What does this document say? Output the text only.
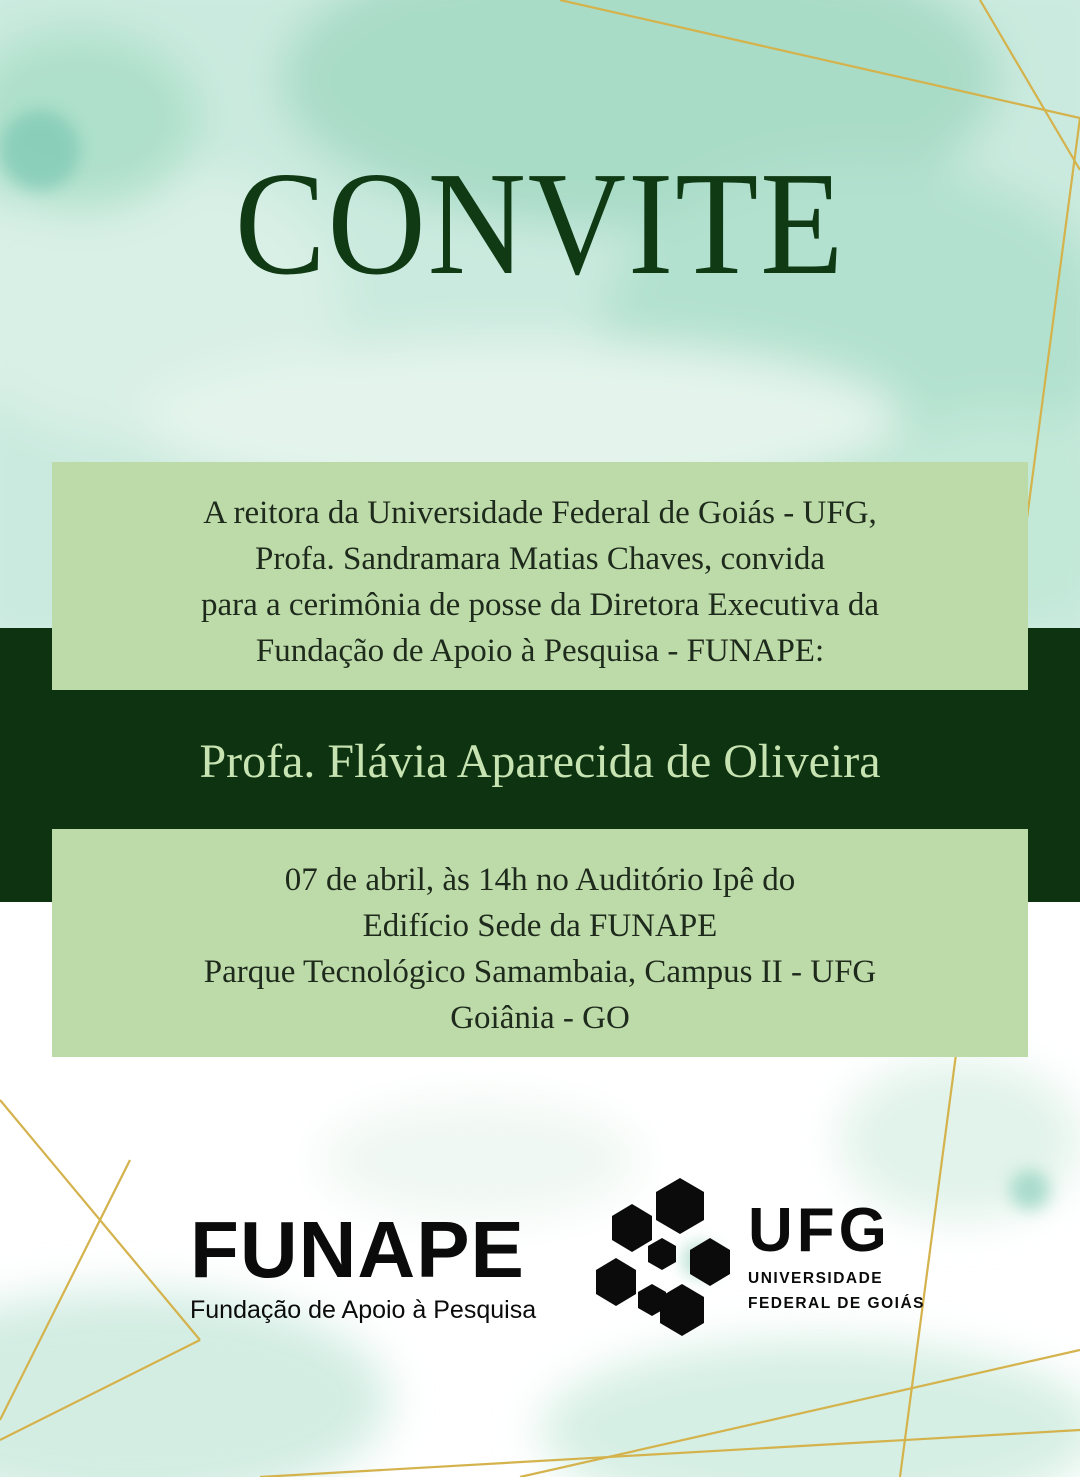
CONVITE
A reitora da Universidade Federal de Goiás - UFG,
Profa. Sandramara Matias Chaves, convida
para a cerimônia de posse da Diretora Executiva da
Fundação de Apoio à Pesquisa - FUNAPE:
Profa. Flávia Aparecida de Oliveira
07 de abril, às 14h no Auditório Ipê do
Edifício Sede da FUNAPE
Parque Tecnológico Samambaia, Campus II - UFG
Goiânia - GO
FUNAPE
Fundação de Apoio à Pesquisa
UFG
UNIVERSIDADE
FEDERAL DE GOIÁS
